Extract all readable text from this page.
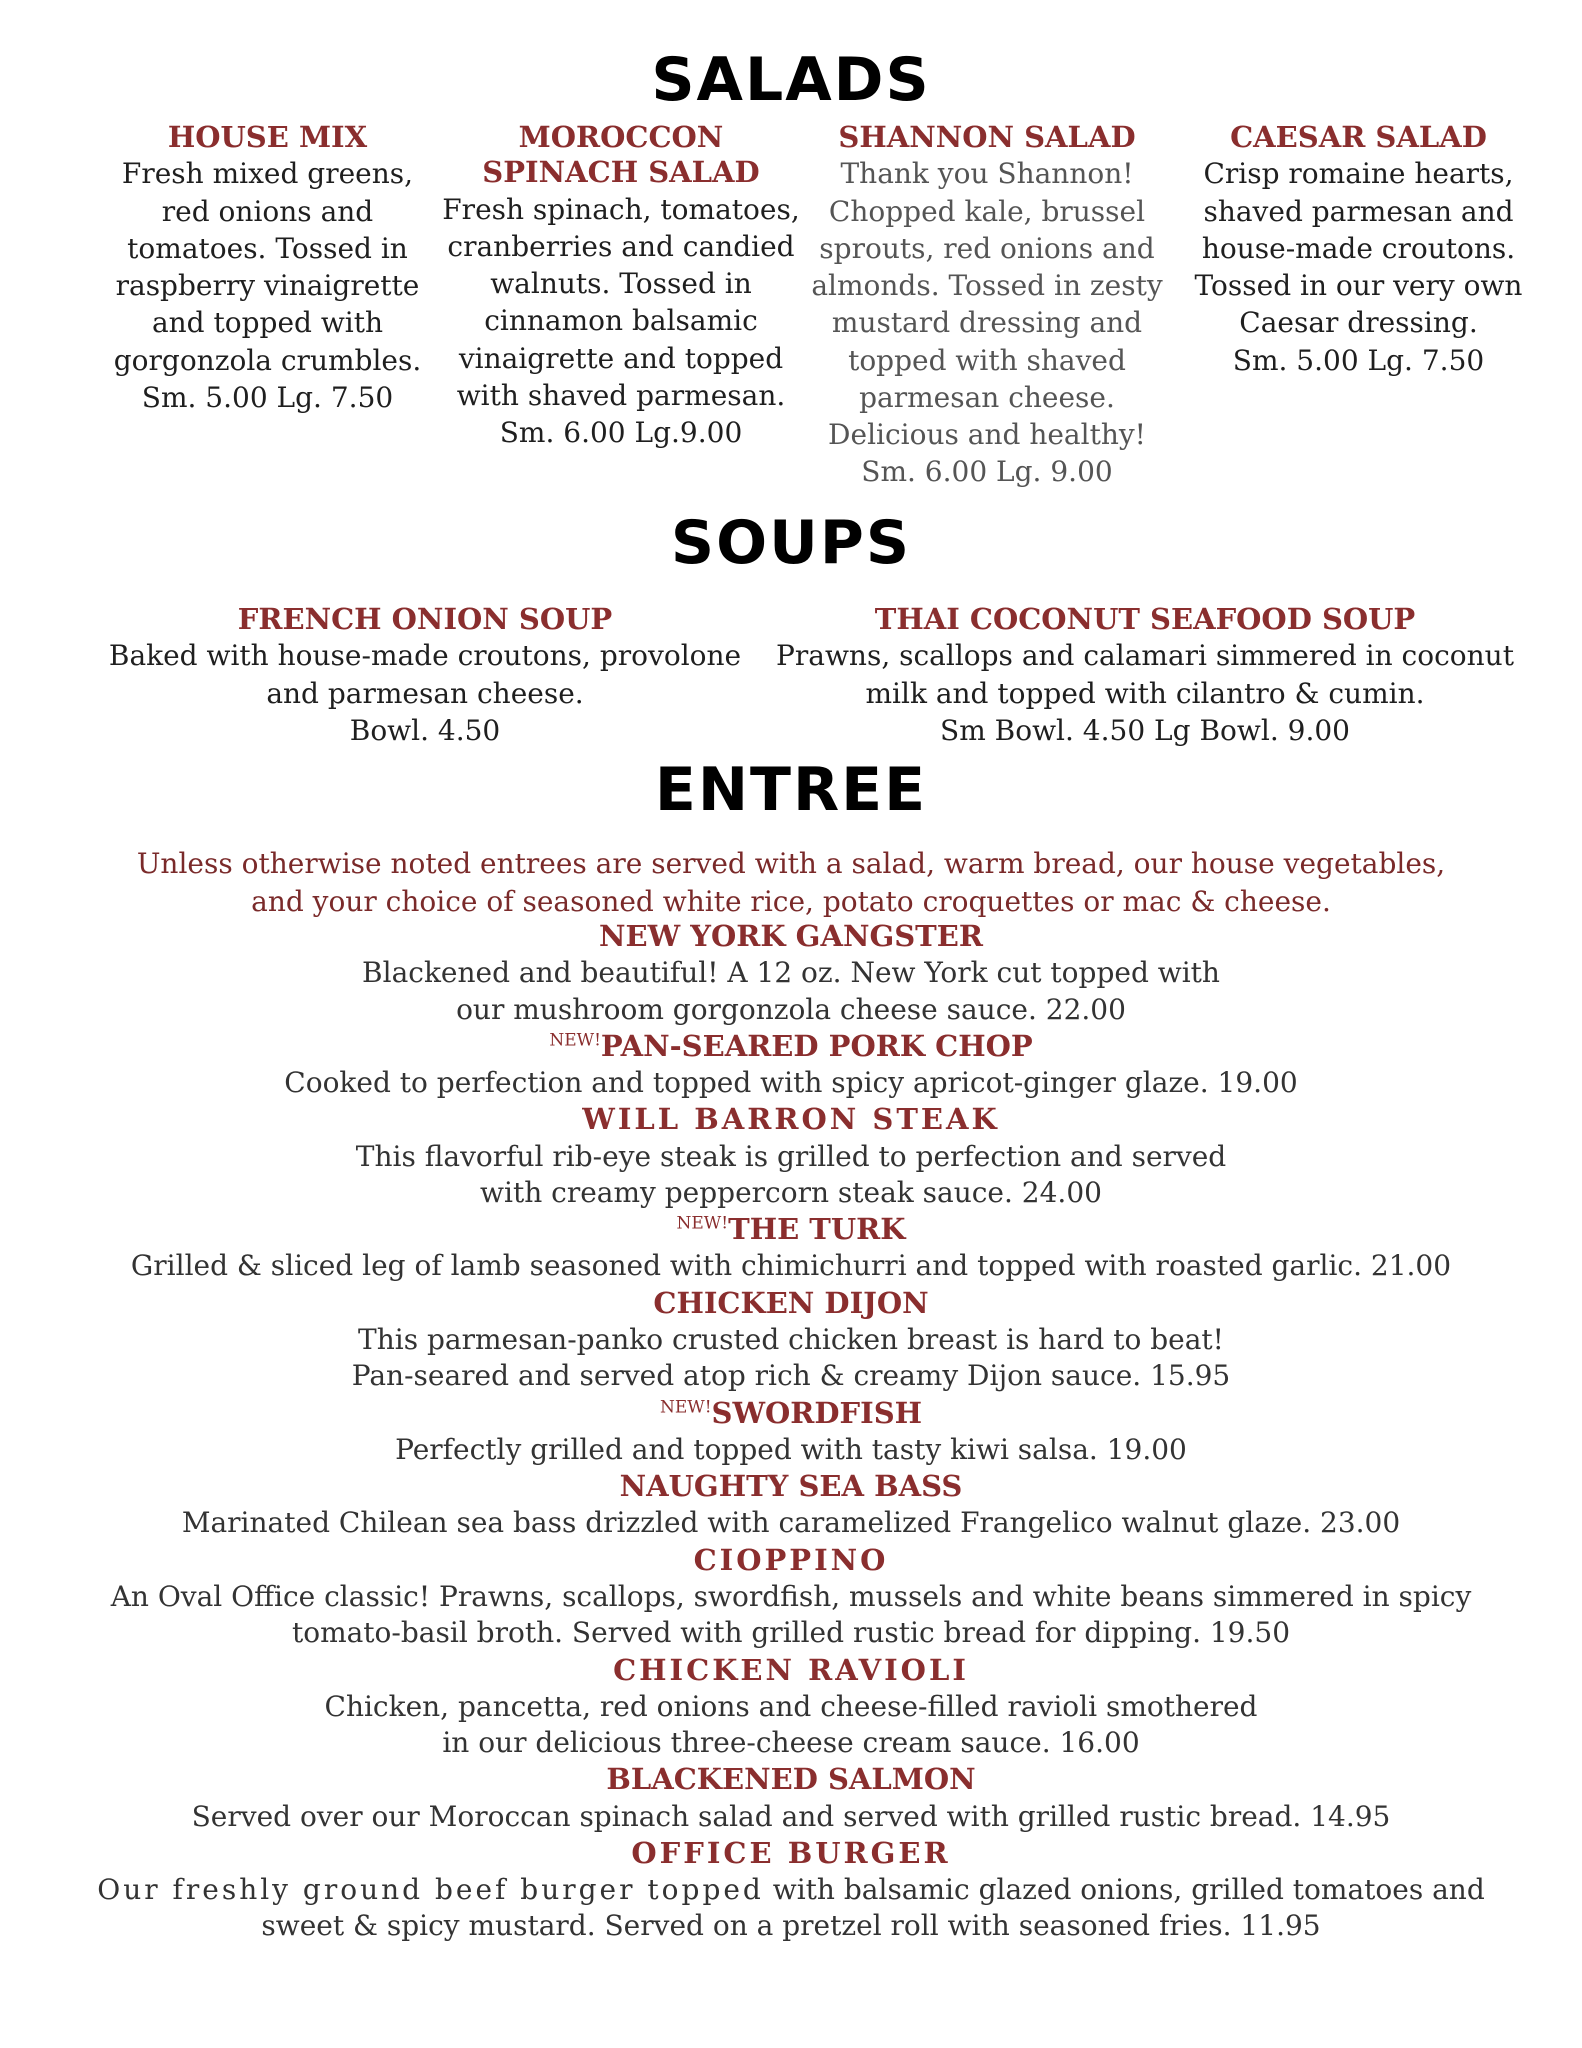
SALADS

HOUSE MIX

Fresh mixed greens, red onions and tomatoes. Tossed in raspberry vinaigrette and topped with gorgonzola crumbles.

Sm. 5.00 Lg. 7.50

MOROCCON SPINACH SALAD

Fresh spinach, tomatoes, cranberries and candied walnuts. Tossed in cinnamon balsamic vinaigrette and topped with shaved parmesan.

Sm. 6.00 Lg.9.00

SHANNON SALAD

Thank you Shannon! Chopped kale, brussel sprouts, red onions and almonds. Tossed in zesty mustard dressing and topped with shaved parmesan cheese. Delicious and healthy!

Sm. 6.00 Lg. 9.00

CAESAR SALAD

Crisp romaine hearts, shaved parmesan and house-made croutons. Tossed in our very own Caesar dressing.

Sm. 5.00 Lg. 7.50

SOUPS

FRENCH ONION SOUP

Baked with house-made croutons, provolone and parmesan cheese.

Bowl. 4.50

THAI COCONUT SEAFOOD SOUP

Prawns, scallops and calamari simmered in coconut milk and topped with cilantro & cumin.

Sm Bowl. 4.50 Lg Bowl. 9.00

ENTREE
Unless otherwise noted entrees are served with a salad, warm bread, our house vegetables,
and your choice of seasoned white rice, potato croquettes or mac & cheese.

NEW YORK GANGSTER

Blackened and beautiful! A 12 oz. New York cut topped with

our mushroom gorgonzola cheese sauce. 22.00

$^{NEW!}$PAN-SEARED PORK CHOP

Cooked to perfection and topped with spicy apricot-ginger glaze. 19.00

WILL BARRON STEAK

This flavorful rib-eye steak is grilled to perfection and served

with creamy peppercorn steak sauce. 24.00

$^{NEW!}$THE TURK

Grilled & sliced leg of lamb seasoned with chimichurri and topped with roasted garlic. 21.00

CHICKEN DIJON

This parmesan-panko crusted chicken breast is hard to beat!

Pan-seared and served atop rich & creamy Dijon sauce. 15.95

$^{NEW!}$SWORDFISH

Perfectly grilled and topped with tasty kiwi salsa. 19.00

NAUGHTY SEA BASS

Marinated Chilean sea bass drizzled with caramelized Frangelico walnut glaze. 23.00

CIOPPINO

An Oval Office classic! Prawns, scallops, swordfish, mussels and white beans simmered in spicy

tomato-basil broth. Served with grilled rustic bread for dipping. 19.50

CHICKEN RAVIOLI

Chicken, pancetta, red onions and cheese-filled ravioli smothered

in our delicious three-cheese cream sauce. 16.00

BLACKENED SALMON

Served over our Moroccan spinach salad and served with grilled rustic bread. 14.95

OFFICE BURGER

Our freshly ground beef burger topped with balsamic glazed onions, grilled tomatoes and

sweet & spicy mustard. Served on a pretzel roll with seasoned fries. 11.95
